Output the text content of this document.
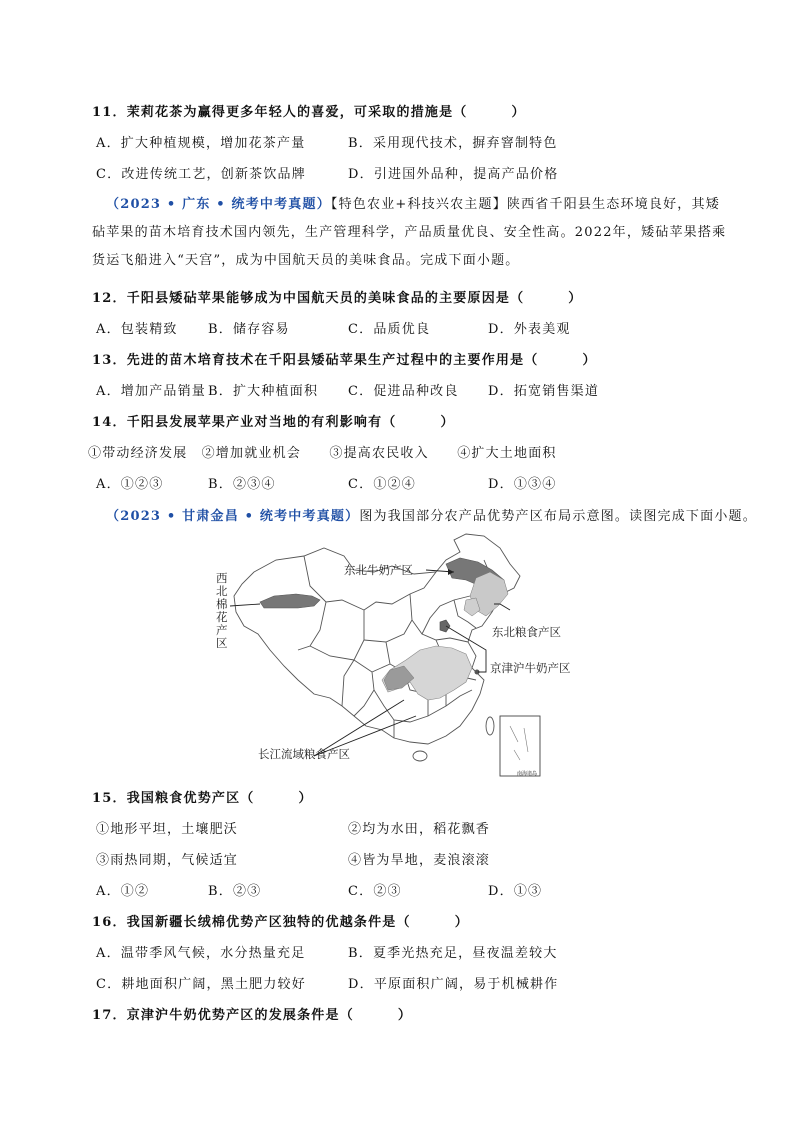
11．茉莉花茶为赢得更多年轻人的喜爱，可采取的措施是（	）
A．扩大种植规模，增加花茶产量	B．采用现代技术，摒弃窨制特色
C．改进传统工艺，创新茶饮品牌	D．引进国外品种，提高产品价格
（2023 • 广东 • 统考中考真题）【特色农业+科技兴农主题】陕西省千阳县生态环境良好，其矮砧苹果的苗木培育技术国内领先，生产管理科学，产品质量优良、安全性高。2022年，矮砧苹果搭乘货运飞船进入“天宫”，成为中国航天员的美味食品。完成下面小题。
12．千阳县矮砧苹果能够成为中国航天员的美味食品的主要原因是（	）
A．包装精致 B．储存容易	C．品质优良	D．外表美观
13．先进的苗木培育技术在千阳县矮砧苹果生产过程中的主要作用是（	）
A．增加产品销量 B．扩大种植面积 C．促进品种改良 D．拓宽销售渠道
14．千阳县发展苹果产业对当地的有利影响有（	）
①带动经济发展　②增加就业机会　　③提高农民收入　　④扩大土地面积
A．①②③	B．②③④	C．①②④	D．①③④
（2023 • 甘肃金昌 • 统考中考真题）图为我国部分农产品优势产区布局示意图。读图完成下面小题。
西北棉花产区
东北牛奶产区
东北粮食产区
京津沪牛奶产区
长江流域粮食产区
南海诸岛
15．我国粮食优势产区（	）
①地形平坦，土壤肥沃	②均为水田，稻花飘香
③雨热同期，气候适宜	④皆为旱地，麦浪滚滚
A．①②	B．②③	C．②③	D．①③
16．我国新疆长绒棉优势产区独特的优越条件是（	）
A．温带季风气候，水分热量充足	B．夏季光热充足，昼夜温差较大
C．耕地面积广阔，黑土肥力较好	D．平原面积广阔，易于机械耕作
17．京津沪牛奶优势产区的发展条件是（	）
